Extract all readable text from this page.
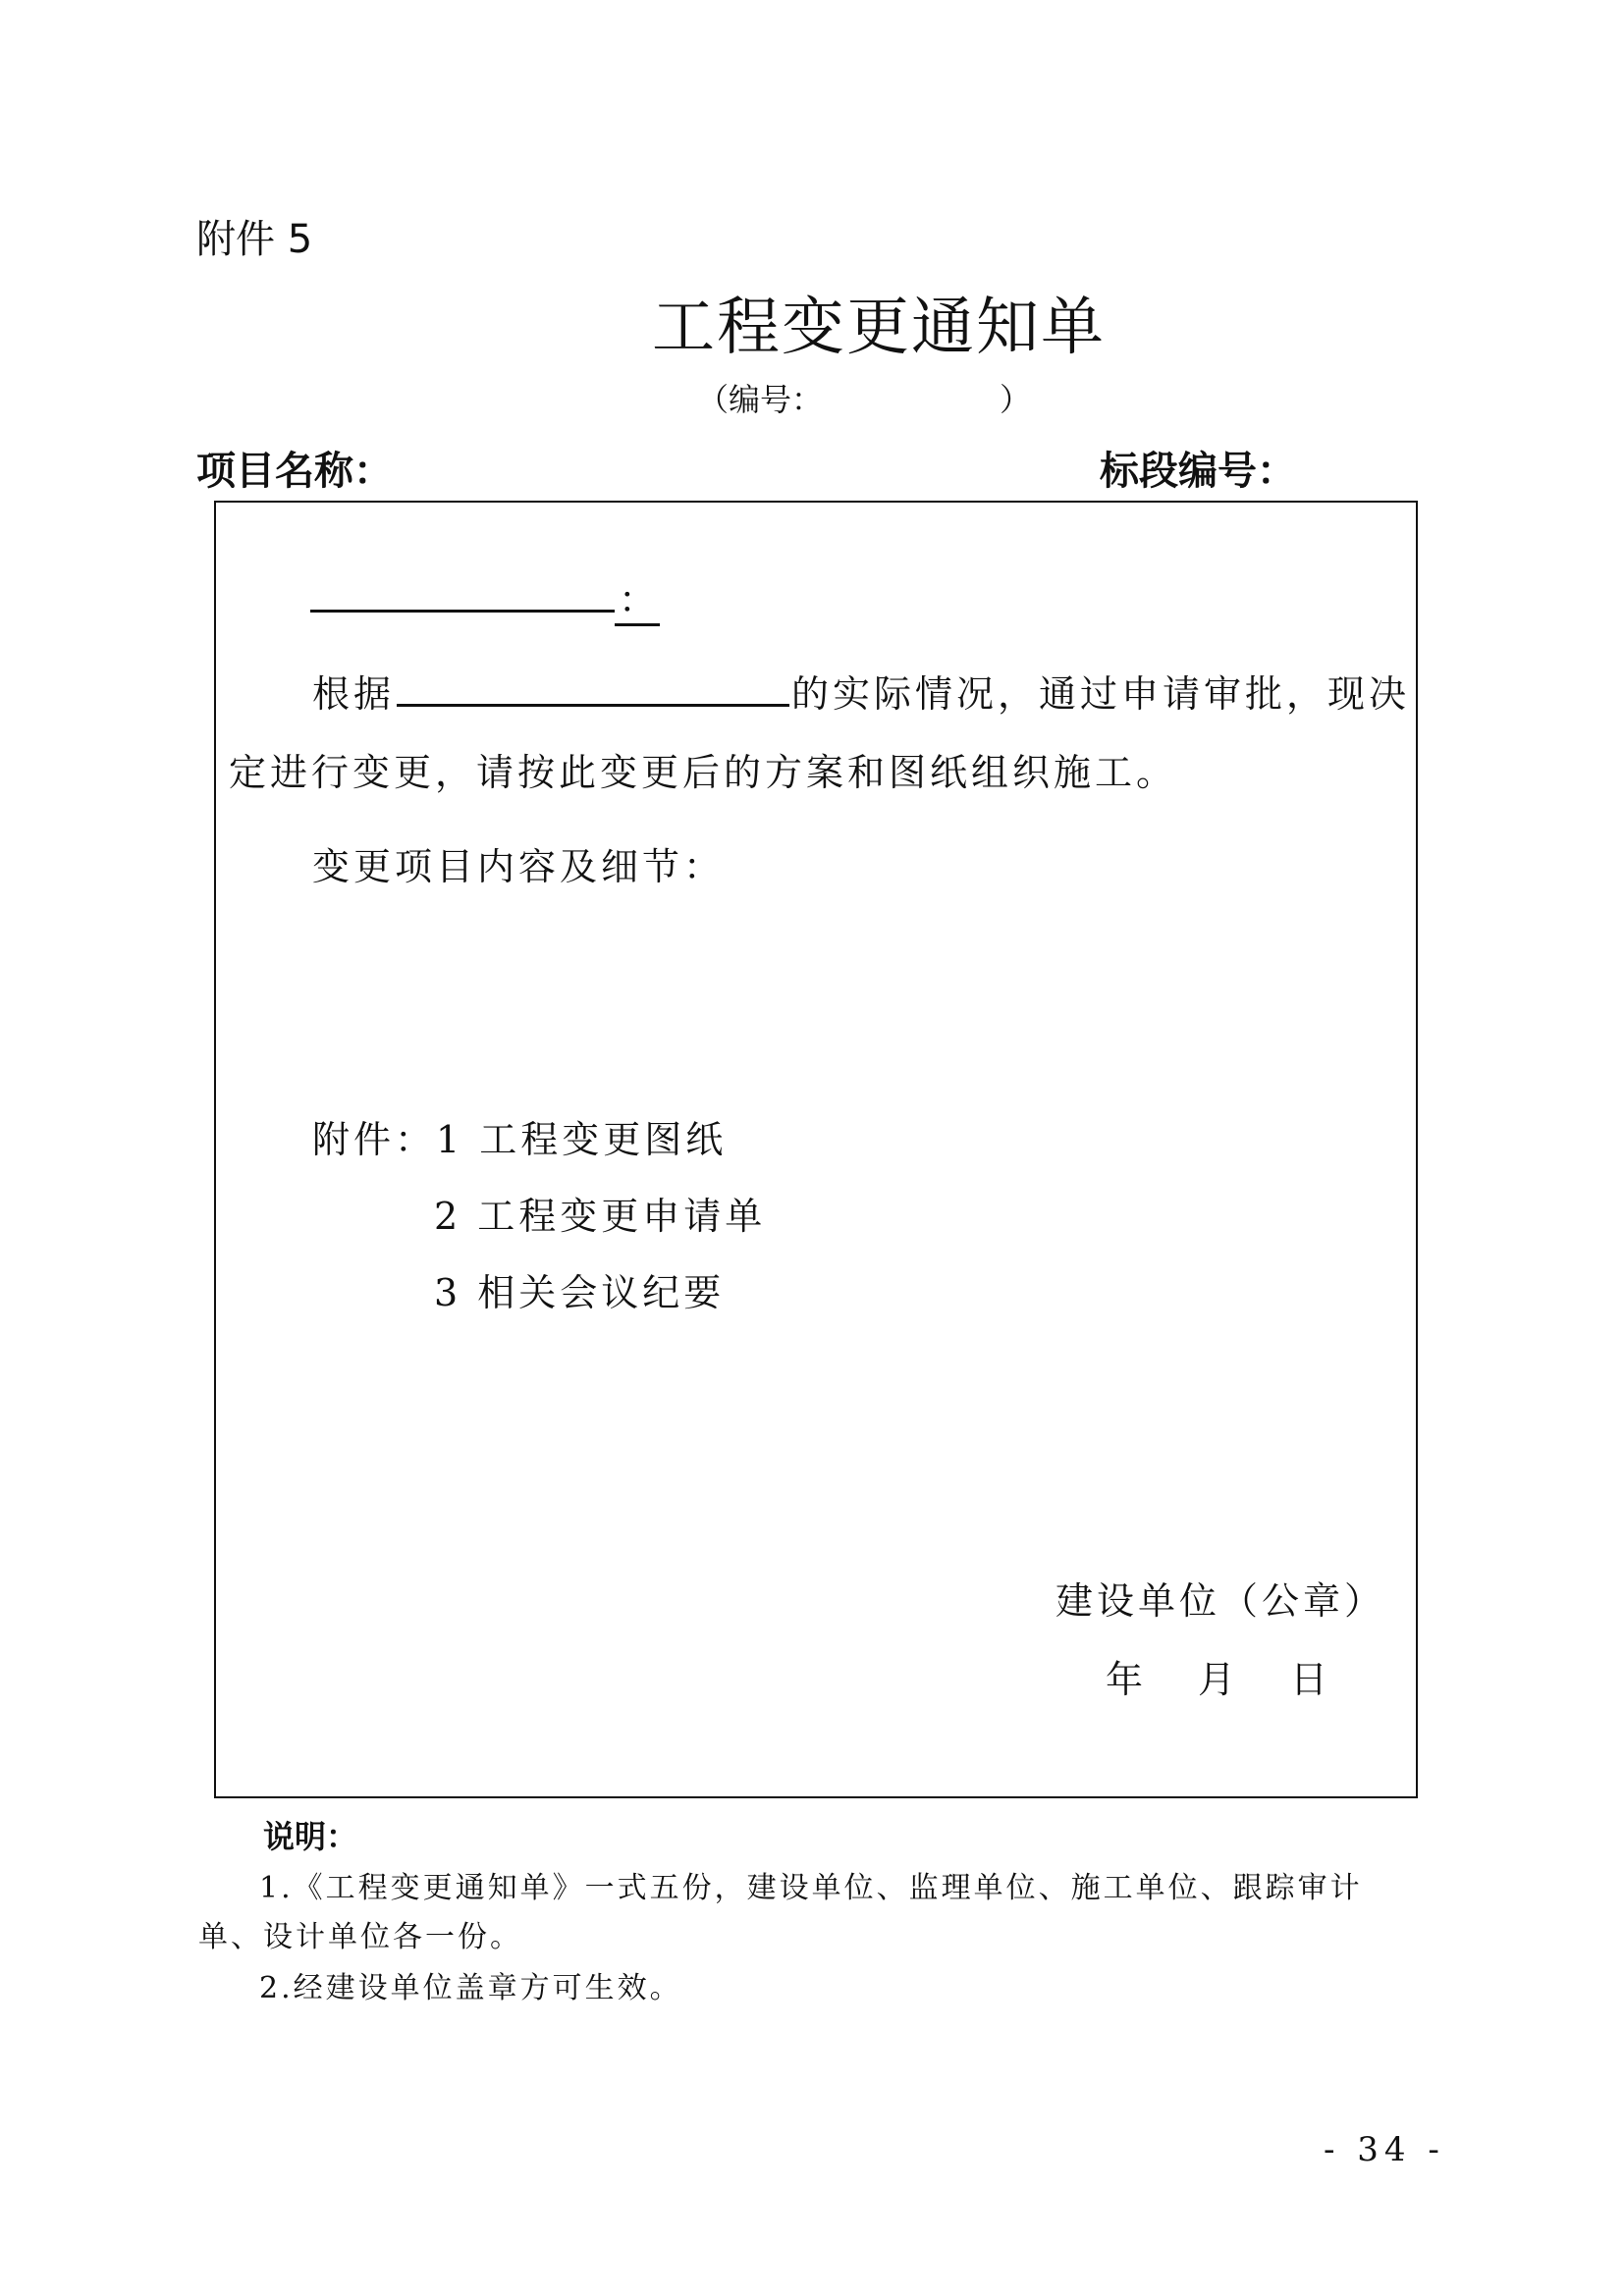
附件 5
工程变更通知单
（编号：	）
项目名称：	标段编号：
：
根据	的实际情况，通过申请审批，现决
定进行变更，请按此变更后的方案和图纸组织施工。
变更项目内容及细节：
附件：1 工程变更图纸
2 工程变更申请单
3 相关会议纪要
建设单位（公章）
年 月 日
说明：
1.《工程变更通知单》一式五份，建设单位、监理单位、施工单位、跟踪审计
单、设计单位各一份。
2.经建设单位盖章方可生效。
- 34 -
